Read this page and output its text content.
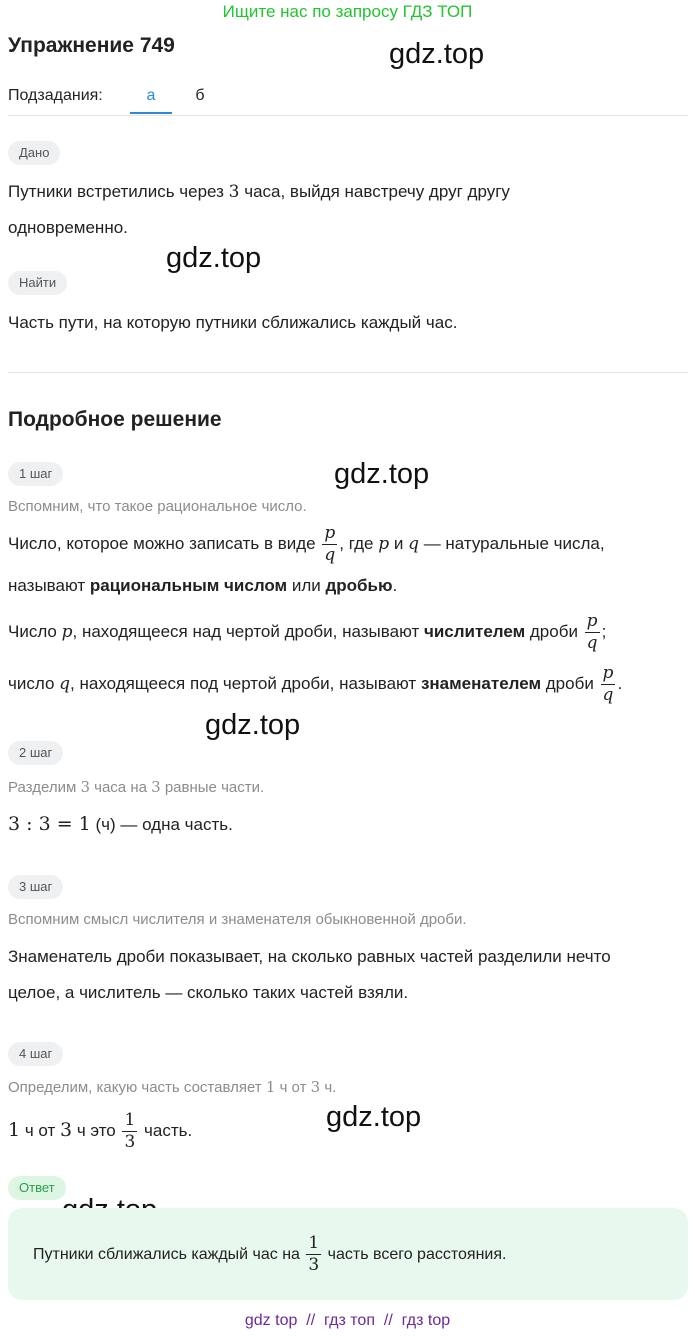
Ищите нас по запросу ГДЗ ТОП
Упражнение 749	gdz.top
gdz.top
gdz.top
gdz.top
gdz.top
Подзадания:	а	б
Дано
Путники встретились через 3 часа, выйдя навстречу друг другу
одновременно.
Найти
Часть пути, на которую путники сближались каждый час.
Подробное решение
1 шаг
Вспомним, что такое рациональное число.
Число, которое можно записать в виде $\frac{p}{q}$ , где p и q — натуральные числа,
называют рациональным числом или дробью.
Число p, находящееся над чертой дроби, называют числителем дроби $\frac{p}{q}$ ;
число q, находящееся под чертой дроби, называют знаменателем дроби $\frac{p}{q}$ .
2 шаг
Разделим 3 часа на 3 равные части.
3 : 3 = 1 (ч) — одна часть.
3 шаг
Вспомним смысл числителя и знаменателя обыкновенной дроби.
Знаменатель дроби показывает, на сколько равных частей разделили нечто
целое, а числитель — сколько таких частей взяли.
4 шаг
Определим, какую часть составляет 1 ч от 3 ч.
1 ч от 3 ч это $\frac{1}{3}$ часть.
Ответ
Путники сближались каждый час на $\frac{1}{3}$ часть всего расстояния.
gdz top  //  гдз топ  //  гдз top
